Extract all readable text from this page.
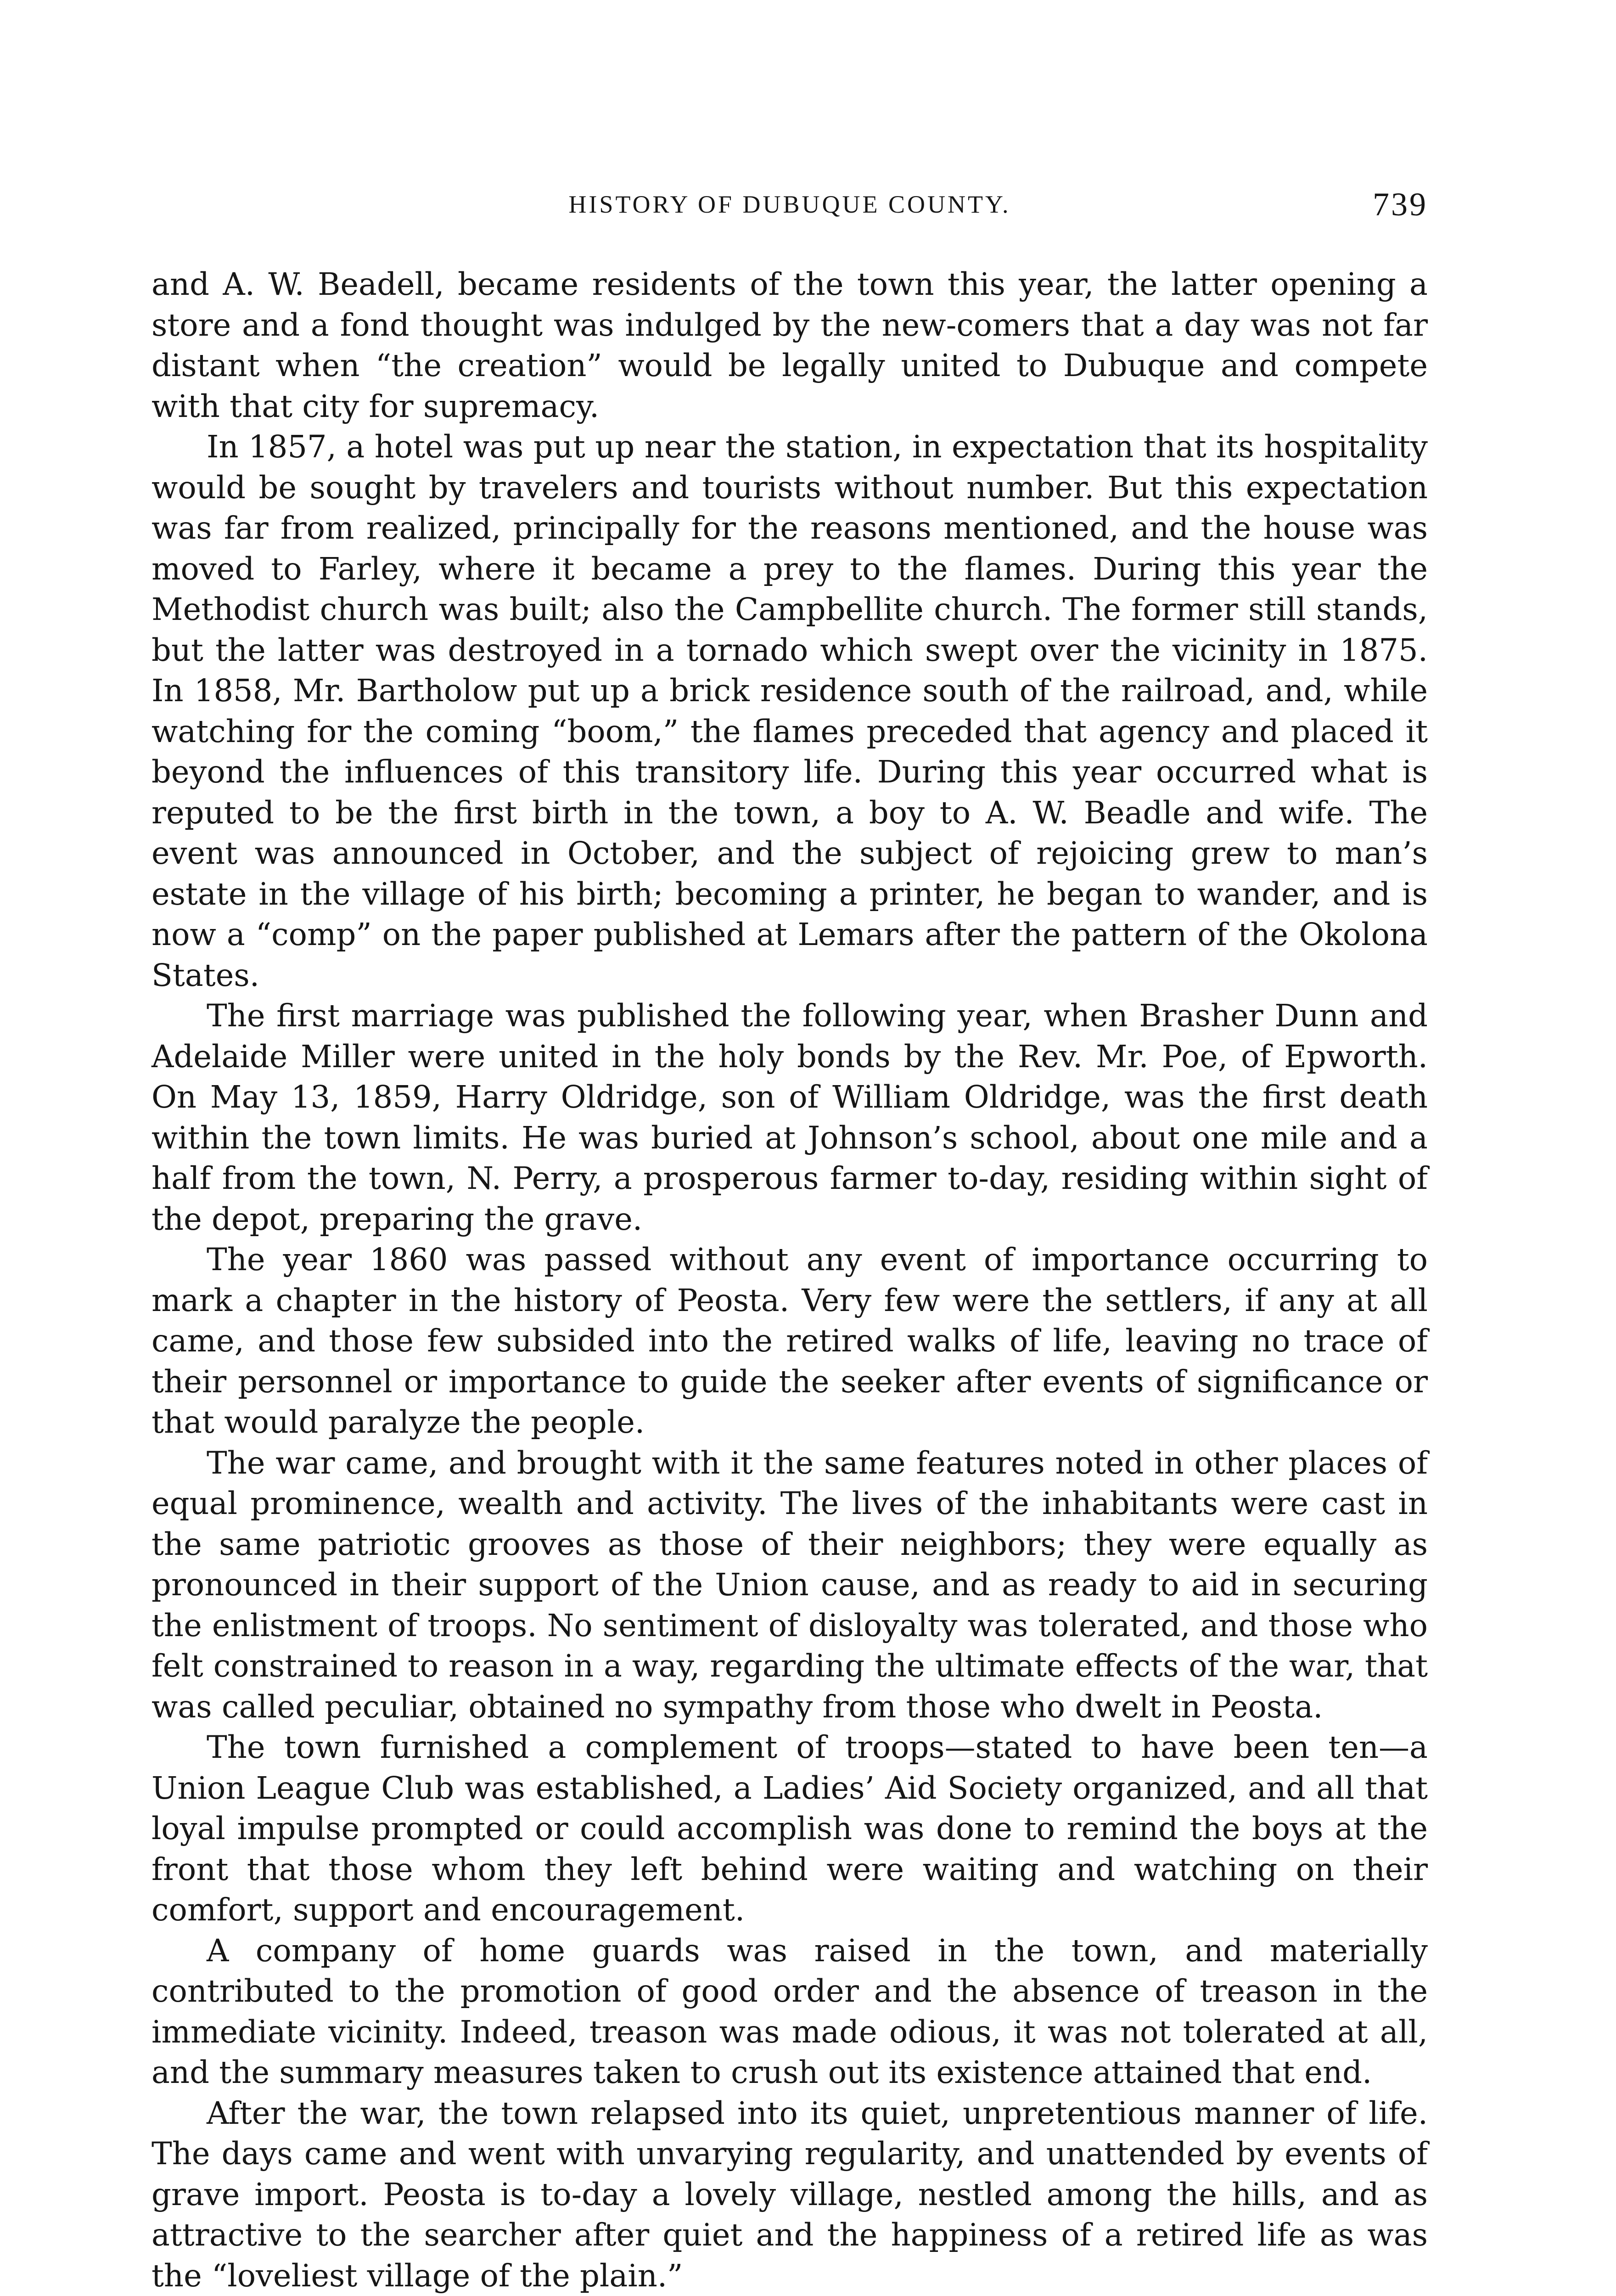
HISTORY OF DUBUQUE COUNTY.	739

and A. W. Beadell, became residents of the town this year, the latter opening a store and a fond thought was indulged by the new-comers that a day was not far distant when “the creation” would be legally united to Dubuque and compete with that city for supremacy.

In 1857, a hotel was put up near the station, in expectation that its hospitality would be sought by travelers and tourists without number. But this expectation was far from realized, principally for the reasons mentioned, and the house was moved to Farley, where it became a prey to the flames. During this year the Methodist church was built; also the Campbellite church. The former still stands, but the latter was destroyed in a tornado which swept over the vicinity in 1875. In 1858, Mr. Bartholow put up a brick residence south of the railroad, and, while watching for the coming “boom,” the flames preceded that agency and placed it beyond the influences of this transitory life. During this year occurred what is reputed to be the first birth in the town, a boy to A. W. Beadle and wife. The event was announced in October, and the subject of rejoicing grew to man’s estate in the village of his birth; becoming a printer, he began to wander, and is now a “comp” on the paper published at Lemars after the pattern of the Okolona States.

The first marriage was published the following year, when Brasher Dunn and Adelaide Miller were united in the holy bonds by the Rev. Mr. Poe, of Epworth. On May 13, 1859, Harry Oldridge, son of William Oldridge, was the first death within the town limits. He was buried at Johnson’s school, about one mile and a half from the town, N. Perry, a prosperous farmer to-day, residing within sight of the depot, preparing the grave.

The year 1860 was passed without any event of importance occurring to mark a chapter in the history of Peosta. Very few were the settlers, if any at all came, and those few subsided into the retired walks of life, leaving no trace of their personnel or importance to guide the seeker after events of significance or that would paralyze the people.

The war came, and brought with it the same features noted in other places of equal prominence, wealth and activity. The lives of the inhabitants were cast in the same patriotic grooves as those of their neighbors; they were equally as pronounced in their support of the Union cause, and as ready to aid in securing the enlistment of troops. No sentiment of disloyalty was tolerated, and those who felt constrained to reason in a way, regarding the ultimate effects of the war, that was called peculiar, obtained no sympathy from those who dwelt in Peosta.

The town furnished a complement of troops—stated to have been ten—a Union League Club was established, a Ladies’ Aid Society organized, and all that loyal impulse prompted or could accomplish was done to remind the boys at the front that those whom they left behind were waiting and watching on their comfort, support and encouragement.

A company of home guards was raised in the town, and materially contributed to the promotion of good order and the absence of treason in the immediate vicinity. Indeed, treason was made odious, it was not tolerated at all, and the summary measures taken to crush out its existence attained that end.

After the war, the town relapsed into its quiet, unpretentious manner of life. The days came and went with unvarying regularity, and unattended by events of grave import. Peosta is to-day a lovely village, nestled among the hills, and as attractive to the searcher after quiet and the happiness of a retired life as was the “loveliest village of the plain.”
